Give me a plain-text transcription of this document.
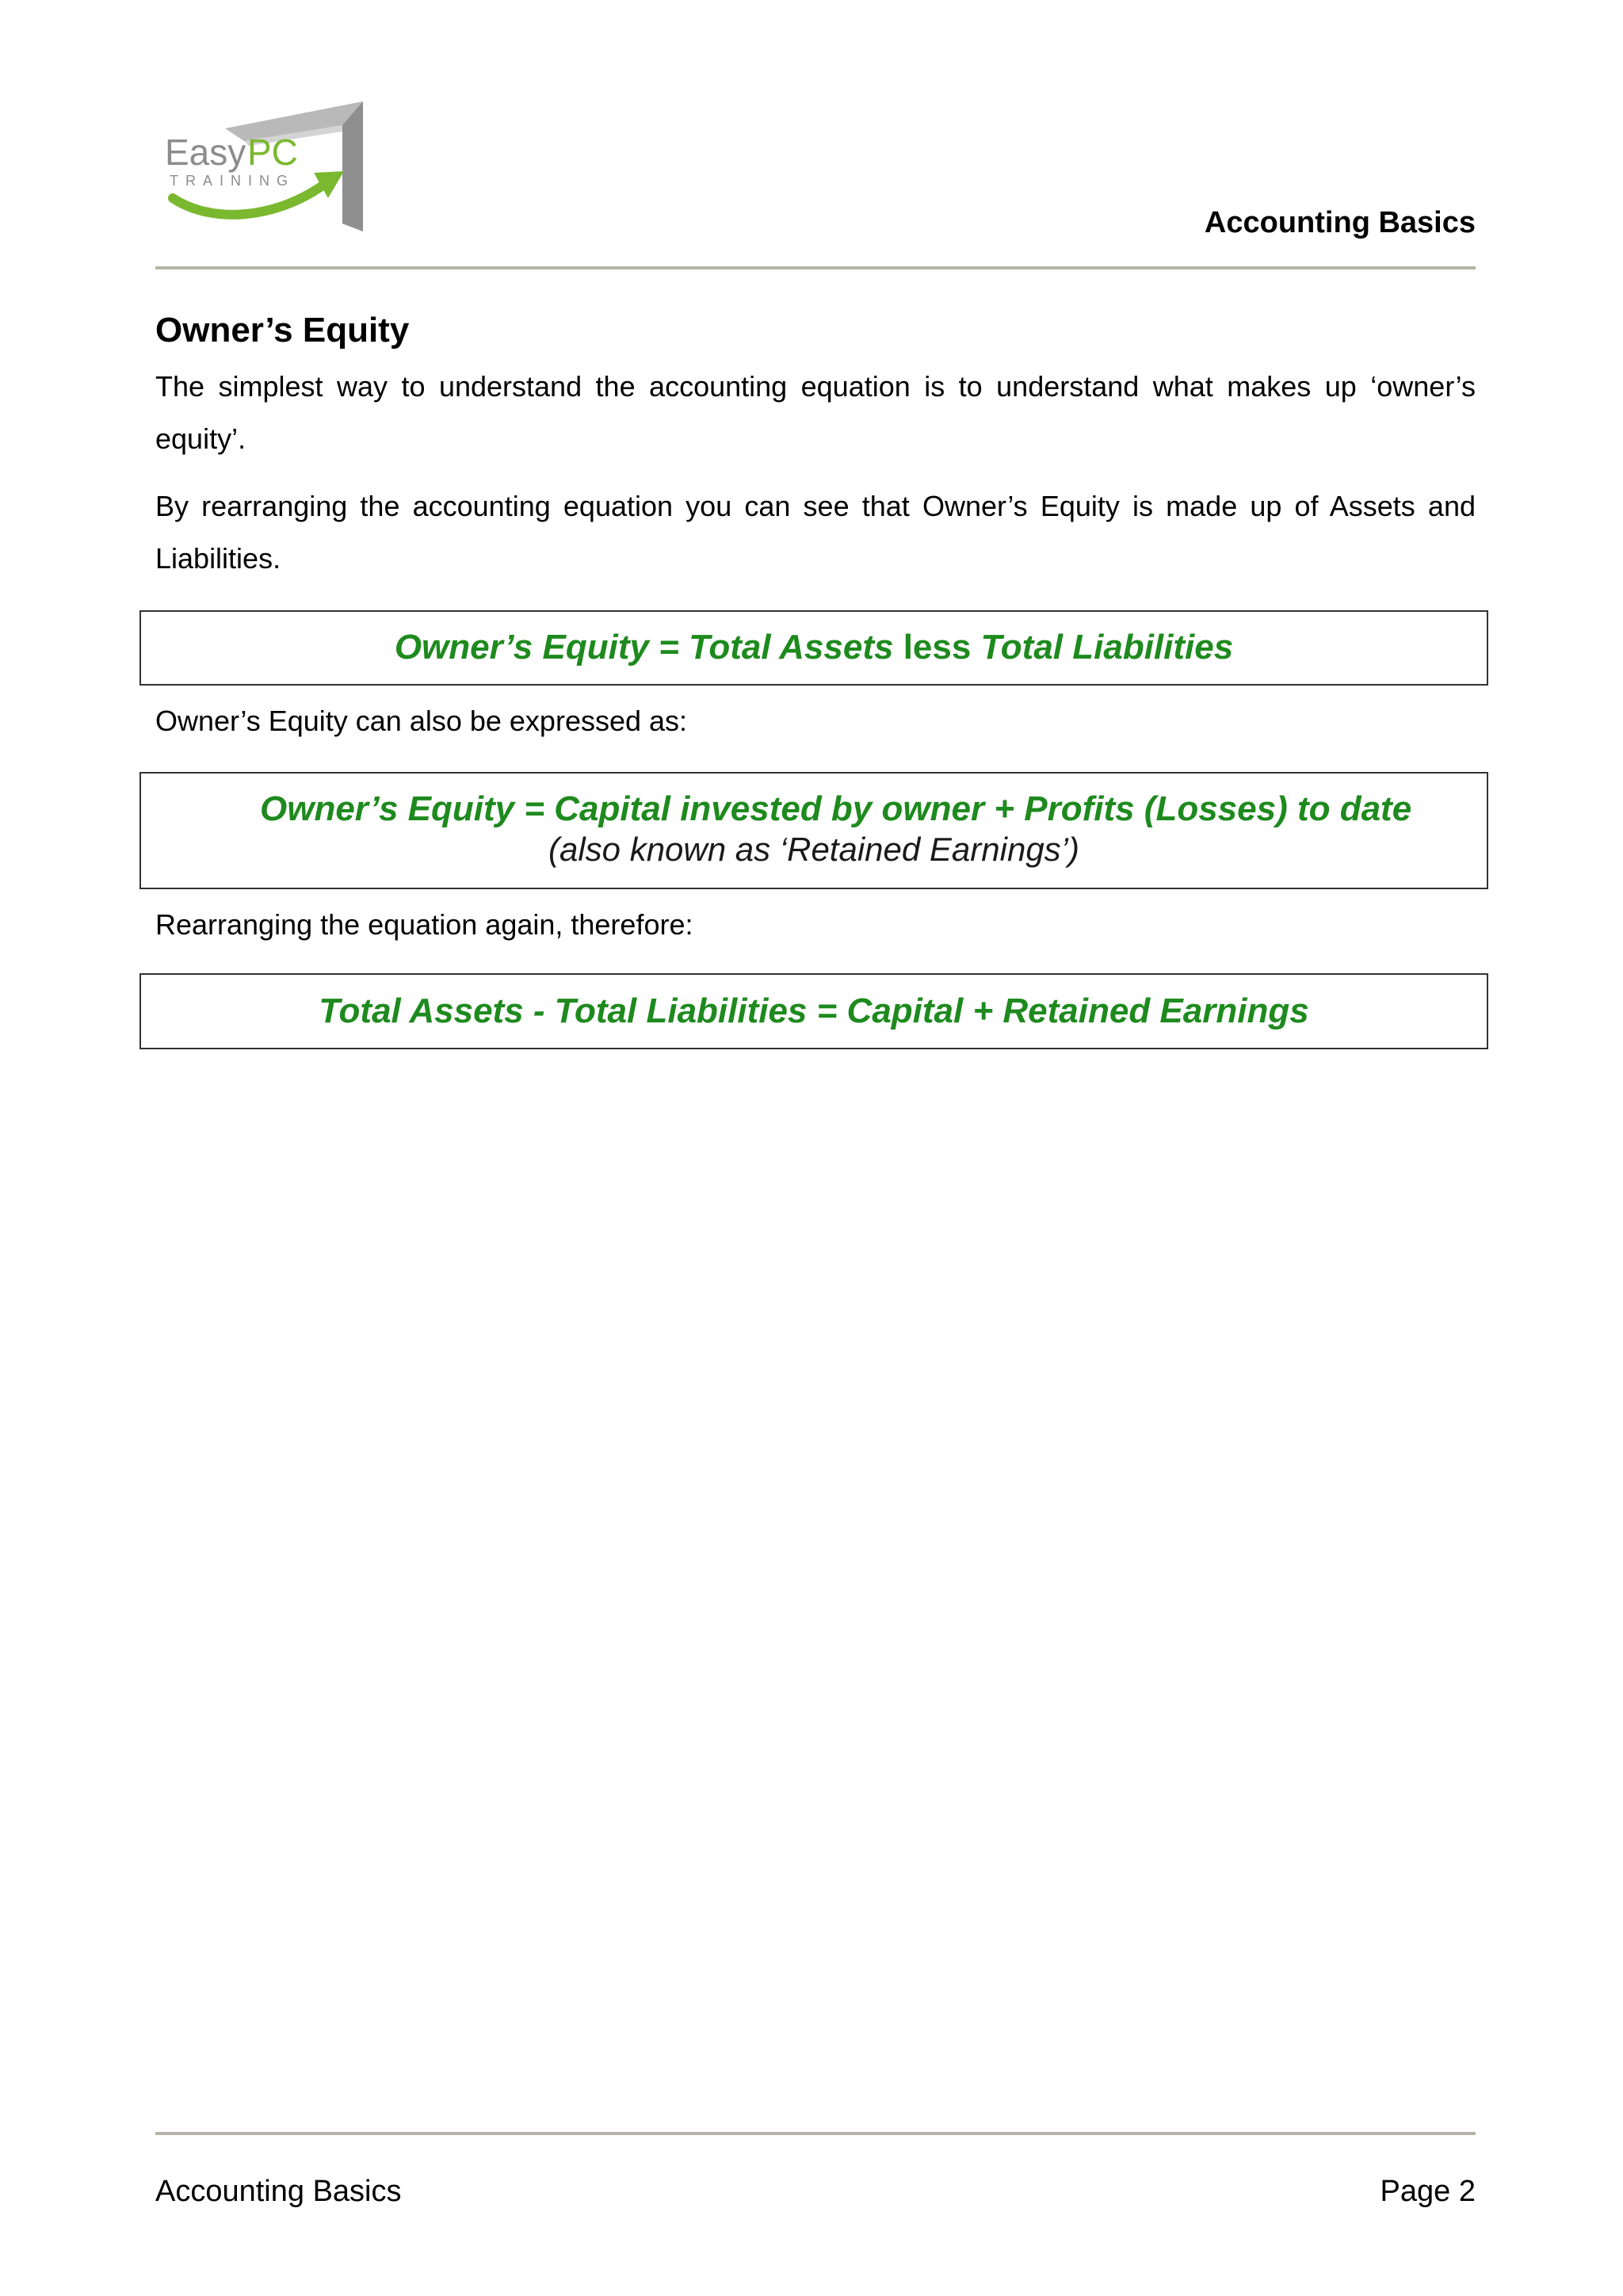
Easy PC
TRAINING
Accounting Basics
Owner’s Equity
The simplest way to understand the accounting equation is to understand what makes up ‘owner’s equity’.
By rearranging the accounting equation you can see that Owner’s Equity is made up of Assets and Liabilities.
Owner’s Equity = Total Assets less Total Liabilities
Owner’s Equity can also be expressed as:
Owner’s Equity = Capital invested by owner + Profits (Losses) to date
(also known as ‘Retained Earnings’)
Rearranging the equation again, therefore:
Total Assets - Total Liabilities = Capital + Retained Earnings
Accounting Basics	Page 2
